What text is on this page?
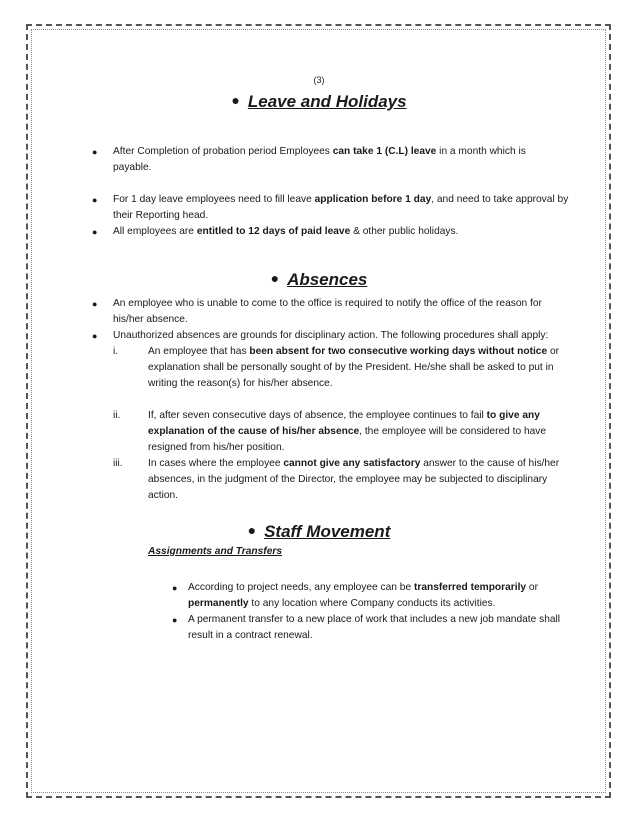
(3)
● Leave and Holidays
● After Completion of probation period Employees can take 1 (C.L) leave in a month which is payable.
● For 1 day leave employees need to fill leave application before 1 day, and need to take approval by their Reporting head.
● All employees are entitled to 12 days of paid leave & other public holidays.
● Absences
● An employee who is unable to come to the office is required to notify the office of the reason for his/her absence.
● Unauthorized absences are grounds for disciplinary action. The following procedures shall apply:
i.	An employee that has been absent for two consecutive working days without notice or explanation shall be personally sought of by the President. He/she shall be asked to put in writing the reason(s) for his/her absence.
ii.	If, after seven consecutive days of absence, the employee continues to fail to give any explanation of the cause of his/her absence, the employee will be considered to have resigned from his/her position.
iii. In cases where the employee cannot give any satisfactory answer to the cause of his/her absences, in the judgment of the Director, the employee may be subjected to disciplinary action.
● Staff Movement
Assignments and Transfers
● According to project needs, any employee can be transferred temporarily or permanently to any location where Company conducts its activities.
● A permanent transfer to a new place of work that includes a new job mandate shall result in a contract renewal.
